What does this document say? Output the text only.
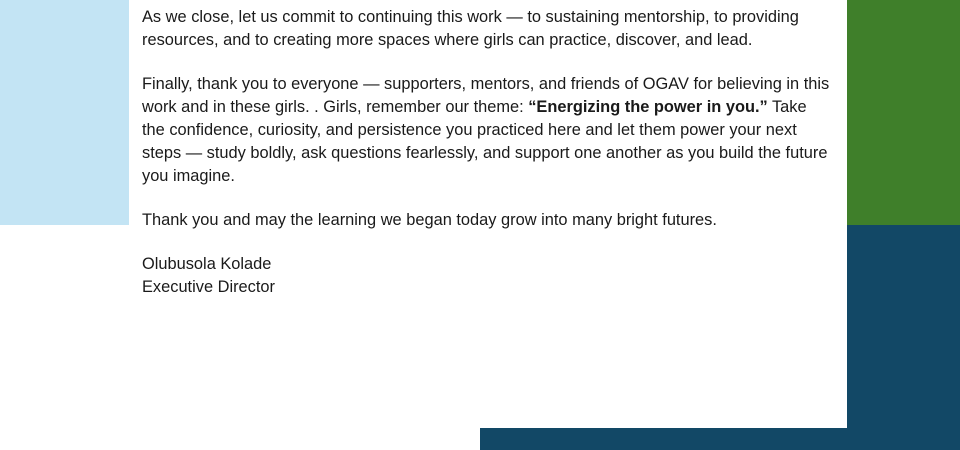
As we close, let us commit to continuing this work — to sustaining mentorship, to providing resources, and to creating more spaces where girls can practice, discover, and lead.

Finally, thank you to everyone — supporters, mentors, and friends of OGAV for believing in this work and in these girls. . Girls, remember our theme: “Energizing the power in you.” Take the confidence, curiosity, and persistence you practiced here and let them power your next steps — study boldly, ask questions fearlessly, and support one another as you build the future you imagine.

Thank you and may the learning we began today grow into many bright futures.

Olubusola Kolade
Executive Director
